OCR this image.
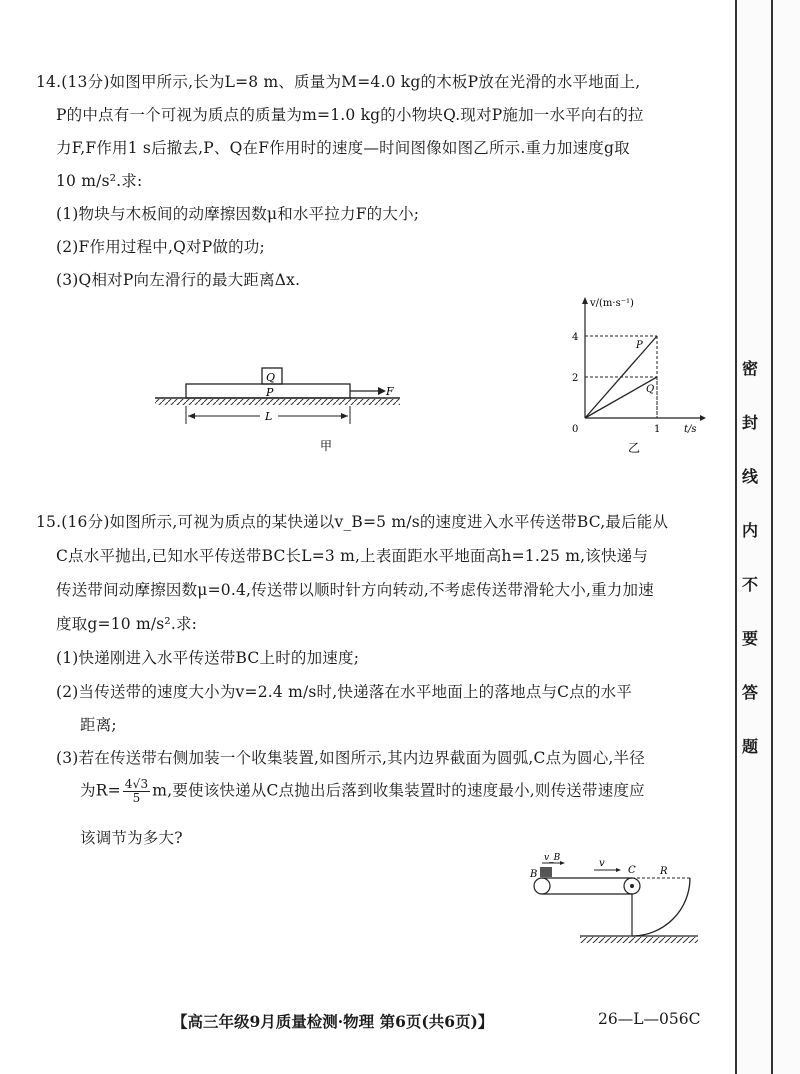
14.(13分)如图甲所示,长为L=8 m、质量为M=4.0 kg的木板P放在光滑的水平地面上,
P的中点有一个可视为质点的质量为m=1.0 kg的小物块Q.现对P施加一水平向右的拉
力F,F作用1 s后撤去,P、Q在F作用时的速度—时间图像如图乙所示.重力加速度g取
10 m/s².求:
(1)物块与木板间的动摩擦因数μ和水平拉力F的大小;
(2)F作用过程中,Q对P做的功;
(3)Q相对P向左滑行的最大距离Δx.
Q
P	F
L
甲
v/(m·s⁻¹)
t/s
0
4
2
1
P
Q
乙
15.(16分)如图所示,可视为质点的某快递以v_B=5 m/s的速度进入水平传送带BC,最后能从
C点水平抛出,已知水平传送带BC长L=3 m,上表面距水平地面高h=1.25 m,该快递与
传送带间动摩擦因数μ=0.4,传送带以顺时针方向转动,不考虑传送带滑轮大小,重力加速
度取g=10 m/s².求:
(1)快递刚进入水平传送带BC上时的加速度;
(2)当传送带的速度大小为v=2.4 m/s时,快递落在水平地面上的落地点与C点的水平
距离;
(3)若在传送带右侧加装一个收集装置,如图所示,其内边界截面为圆弧,C点为圆心,半径
为$R= \frac{4√3}{5} m$,要使该快递从C点抛出后落到收集装置时的速度最小,则传送带速度应
该调节为多大?
v_B	v
B	C R
【高三年级9月质量检测·物理 第6页(共6页)】	26—L—056C
密
封
线
内
不
要
答
题
